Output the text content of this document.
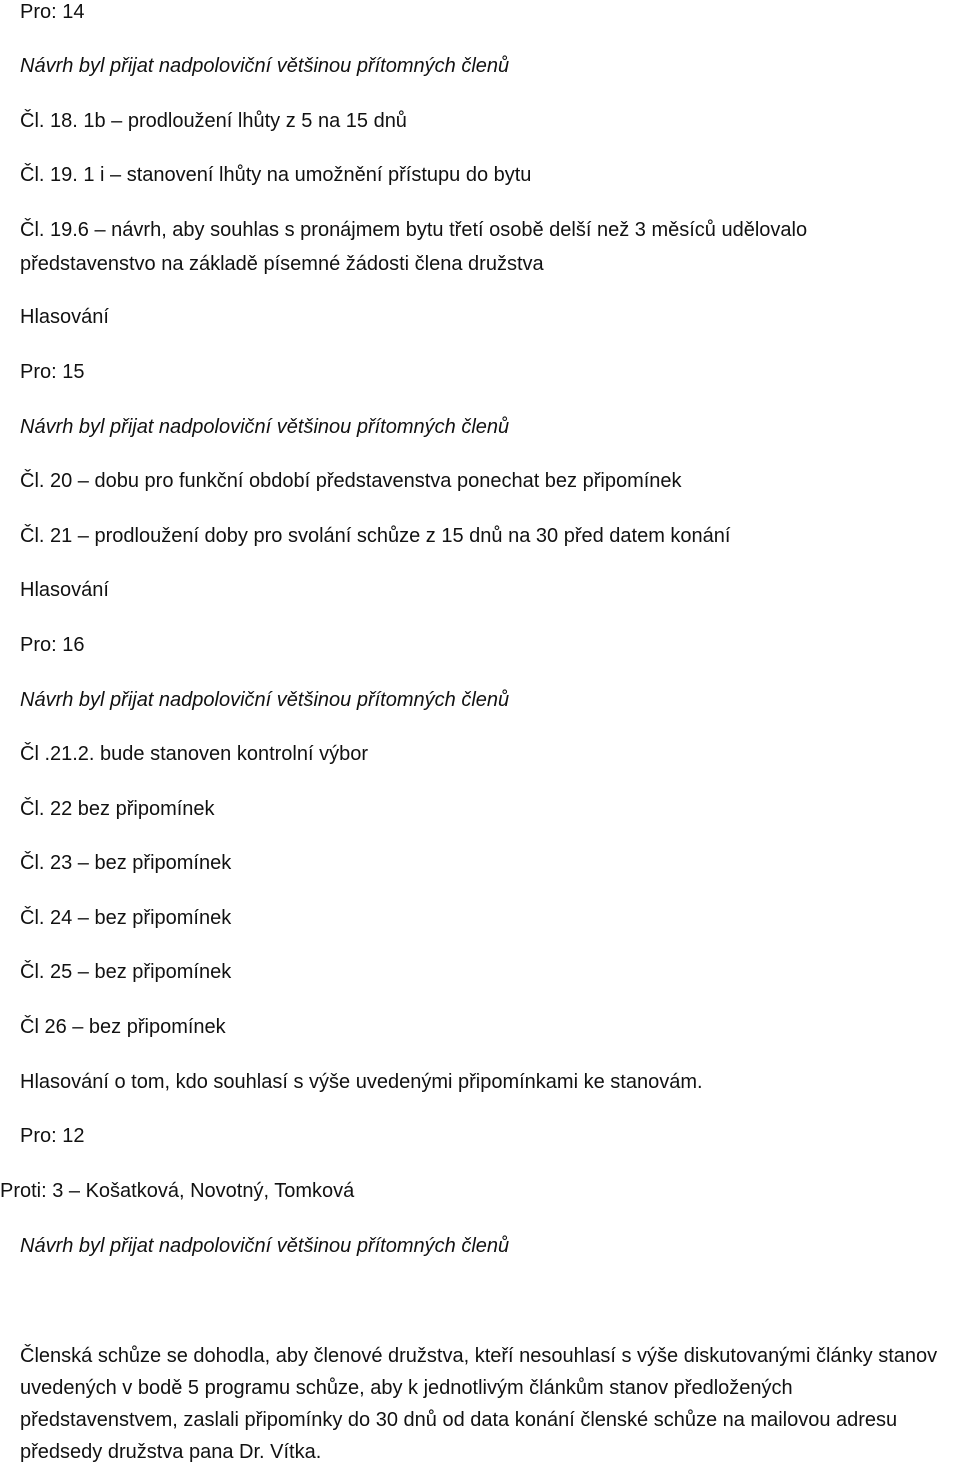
Pro: 14
Návrh byl přijat nadpoloviční většinou přítomných členů
Čl. 18. 1b – prodloužení lhůty z 5 na 15 dnů
Čl. 19. 1 i – stanovení lhůty na umožnění přístupu do bytu
Čl. 19.6 – návrh, aby souhlas s pronájmem bytu třetí osobě delší než 3 měsíců udělovalo
představenstvo na základě písemné žádosti člena družstva
Hlasování
Pro: 15
Návrh byl přijat nadpoloviční většinou přítomných členů
Čl. 20 – dobu pro funkční období představenstva ponechat bez připomínek
Čl. 21 – prodloužení doby pro svolání schůze z 15 dnů na 30 před datem konání
Hlasování
Pro: 16
Návrh byl přijat nadpoloviční většinou přítomných členů
Čl .21.2. bude stanoven kontrolní výbor
Čl. 22 bez připomínek
Čl. 23 – bez připomínek
Čl. 24 – bez připomínek
Čl. 25 – bez připomínek
Čl 26 – bez připomínek
Hlasování o tom, kdo souhlasí s výše uvedenými připomínkami ke stanovám.
Pro: 12
Proti: 3 – Košatková, Novotný, Tomková
Návrh byl přijat nadpoloviční většinou přítomných členů
Členská schůze se dohodla, aby členové družstva, kteří nesouhlasí s výše diskutovanými články stanov uvedených v bodě 5 programu schůze, aby k jednotlivým článkům stanov předložených představenstvem, zaslali připomínky do 30 dnů od data konání členské schůze na mailovou adresu předsedy družstva pana Dr. Vítka.
